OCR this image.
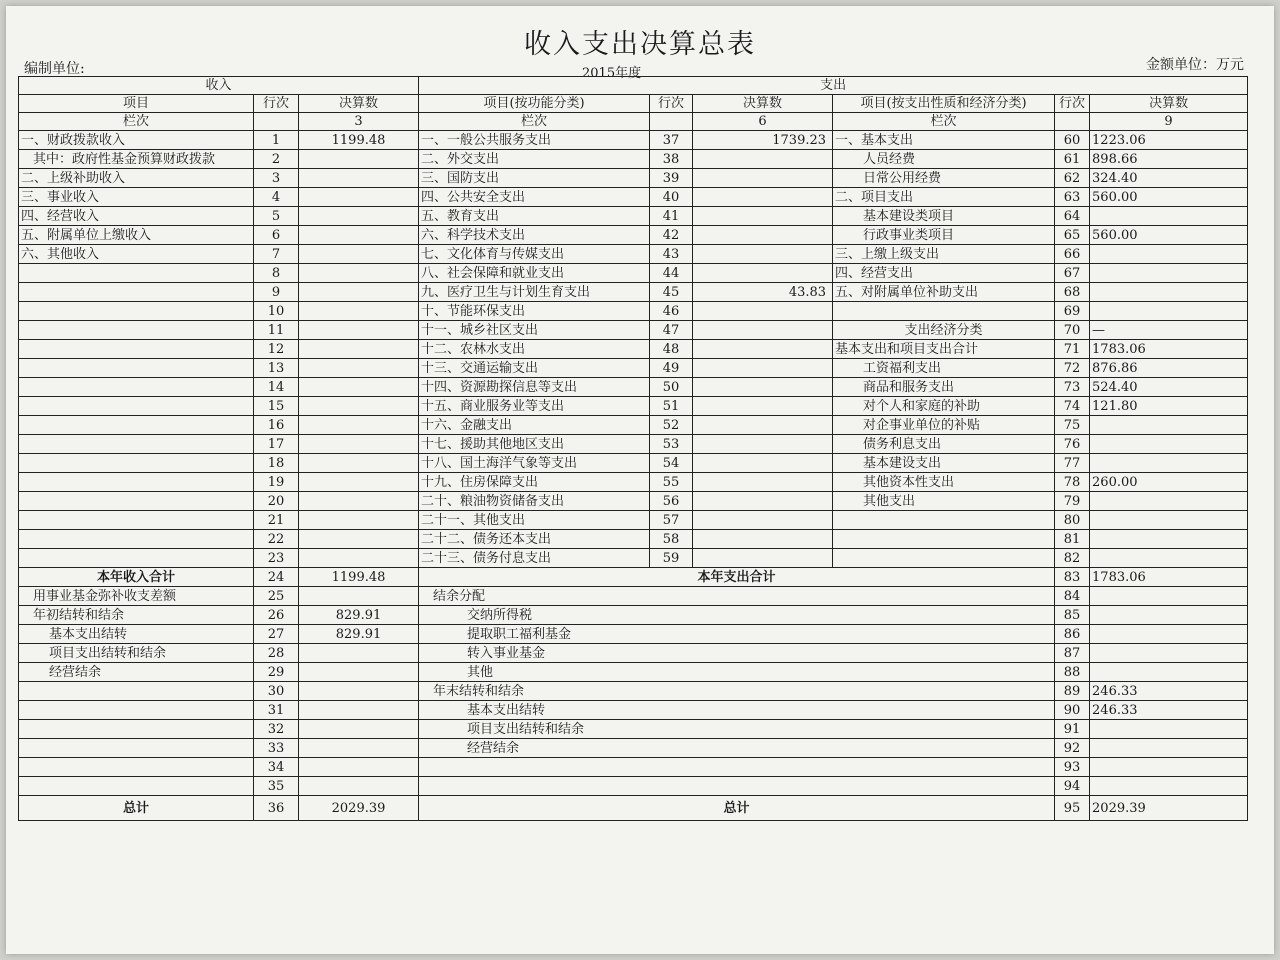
收入支出决算总表
编制单位:	2015年度
金额单位：万元
收入			支出					
项目	行次	决算数	项目(按功能分类)	行次	决算数	项目(按支出性质和经济分类)	行次	决算数
栏次		3	栏次		6	栏次		9
一、财政拨款收入	1	1199.48	一、一般公共服务支出	37	1739.23	一、基本支出	60	1223.06
其中：政府性基金预算财政拨款	2		二、外交支出	38		人员经费	61	898.66
二、上级补助收入	3		三、国防支出	39		日常公用经费	62	324.40
三、事业收入	4		四、公共安全支出	40		二、项目支出	63	560.00
四、经营收入	5		五、教育支出	41		基本建设类项目	64	
五、附属单位上缴收入	6		六、科学技术支出	42		行政事业类项目	65	560.00
六、其他收入	7		七、文化体育与传媒支出	43		三、上缴上级支出	66	
	8		八、社会保障和就业支出	44		四、经营支出	67	
	9		九、医疗卫生与计划生育支出	45	43.83	五、对附属单位补助支出	68	
	10		十、节能环保支出	46			69	
	11		十一、城乡社区支出	47		支出经济分类	70	—
	12		十二、农林水支出	48		基本支出和项目支出合计	71	1783.06
	13		十三、交通运输支出	49		工资福利支出	72	876.86
	14		十四、资源勘探信息等支出	50		商品和服务支出	73	524.40
	15		十五、商业服务业等支出	51		对个人和家庭的补助	74	121.80
	16		十六、金融支出	52		对企事业单位的补贴	75	
	17		十七、援助其他地区支出	53		债务利息支出	76	
	18		十八、国土海洋气象等支出	54		基本建设支出	77	
	19		十九、住房保障支出	55		其他资本性支出	78	260.00
	20		二十、粮油物资储备支出	56		其他支出	79	
	21		二十一、其他支出	57			80	
	22		二十二、债务还本支出	58			81	
	23		二十三、债务付息支出	59			82	
本年收入合计	24	1199.48	本年支出合计				83	1783.06
用事业基金弥补收支差额	25		结余分配				84	
年初结转和结余	26	829.91	交纳所得税				85	
基本支出结转	27	829.91	提取职工福利基金				86	
项目支出结转和结余	28		转入事业基金				87	
经营结余	29		其他				88	
	30		年末结转和结余				89	246.33
	31		基本支出结转				90	246.33
	32		项目支出结转和结余				91	
	33		经营结余				92	
	34						93	
	35						94	
总计	36	2029.39	总计				95	2029.39
